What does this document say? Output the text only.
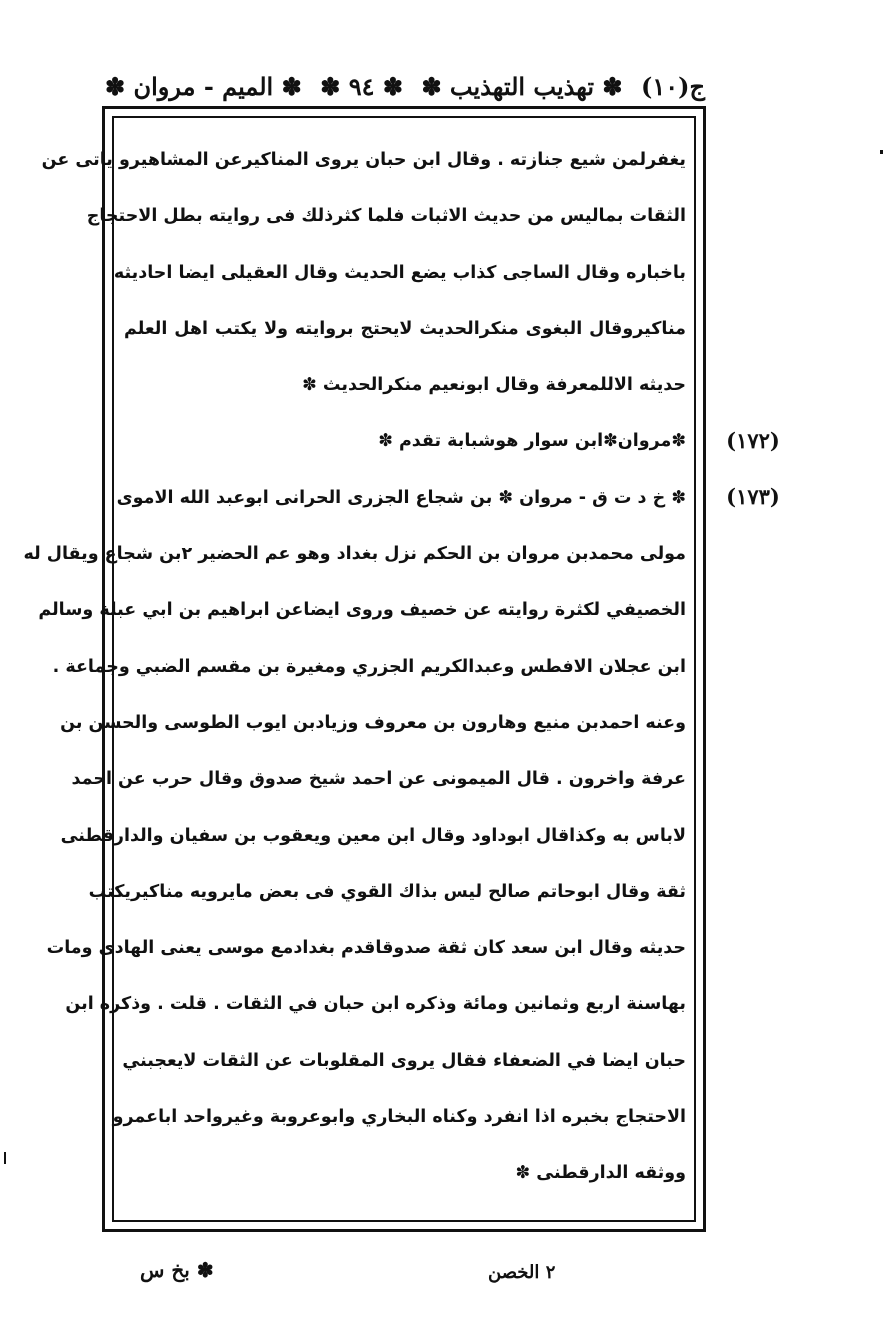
ج(١٠)
✽ تهذيب التهذيب ✽
✽ ٩٤ ✽
✽ الميم - مروان ✽
يغفرلمن شيع جنازته . وقال ابن حبان يروى المناكيرعن المشاهيرو ياتى عن
الثقات بماليس من حديث الاثبات فلما كثرذلك فى روايته بطل الاحتجاج
باخباره وقال الساجى كذاب يضع الحديث وقال العقيلى ايضا احاديثه
مناكيروقال البغوى منكرالحديث لايحتج بروايته ولا يكتب اهل العلم
حديثه الاللمعرفة وقال ابونعيم منكرالحديث ✽
✽مروان✽ابن سوار هوشبابة تقدم ✽
✽ خ د ت ق - مروان ✽ بن شجاع الجزرى الحرانى ابوعبد الله الاموى
مولى محمدبن مروان بن الحكم نزل بغداد وهو عم الحضير ٢بن شجاع ويقال له
الخصيفي لكثرة روايته عن خصيف وروى ايضاعن ابراهيم بن ابي عبلة وسالم
ابن عجلان الافطس وعبدالكريم الجزري ومغيرة بن مقسم الضبي وجماعة .
وعنه احمدبن منيع وهارون بن معروف وزيادبن ايوب الطوسى والحسن بن
عرفة واخرون . قال الميمونى عن احمد شيخ صدوق وقال حرب عن احمد
لاباس به وكذاقال ابوداود وقال ابن معين ويعقوب بن سفيان والدارقطنى
ثقة وقال ابوحاتم صالح ليس بذاك القوي فى بعض مايرويه مناكيريكتب
حديثه وقال ابن سعد كان ثقة صدوقاقدم بغدادمع موسى يعنى الهادى ومات
بهاسنة اربع وثمانين ومائة وذكره ابن حبان في الثقات . قلت . وذكره ابن
حبان ايضا في الضعفاء فقال يروى المقلوبات عن الثقات لايعجبني
الاحتجاج بخبره اذا انفرد وكناه البخاري وابوعروبة وغيرواحد اباعمرو
ووثقه الدارقطنى ✽
(١٧٢)
(١٧٣)
✽ بخ س	٢ الخصن
